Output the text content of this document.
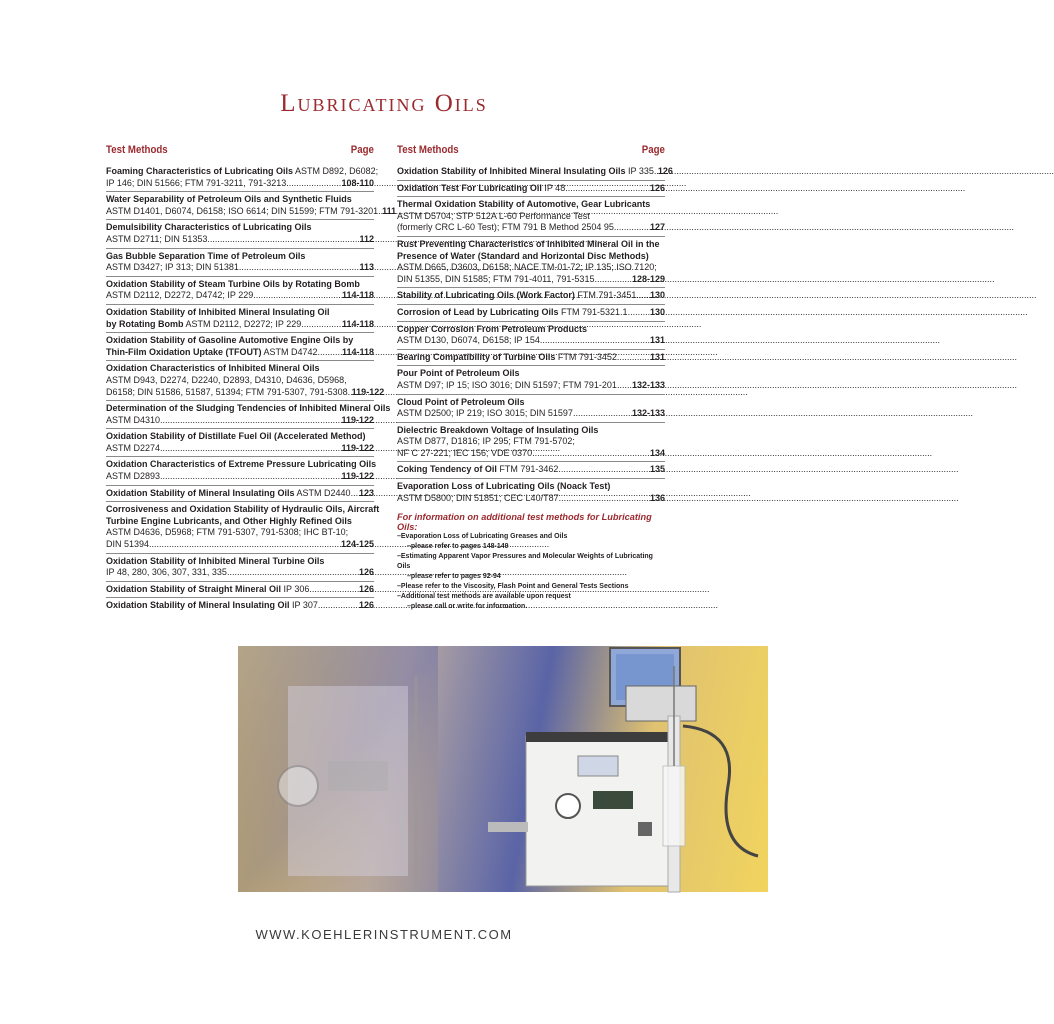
Lubricating Oils
Test Methods	Page
Foaming Characteristics of Lubricating Oils ASTM D892, D6082;
IP 146; DIN 51566; FTM 791-3211, 791-3213 .....	108-110
Water Separability of Petroleum Oils and Synthetic Fluids
ASTM D1401, D6074, D6158; ISO 6614; DIN 51599; FTM 791-3201 ..... 111
Demulsibility Characteristics of Lubricating Oils
ASTM D2711; DIN 51353 .....	112
Gas Bubble Separation Time of Petroleum Oils
ASTM D3427; IP 313; DIN 51381 .....	113
Oxidation Stability of Steam Turbine Oils by Rotating Bomb
ASTM D2112, D2272, D4742; IP 229 .....	114-118
Oxidation Stability of Inhibited Mineral Insulating Oil
by Rotating Bomb ASTM D2112, D2272; IP 229 .....	114-118
Oxidation Stability of Gasoline Automotive Engine Oils by
Thin-Film Oxidation Uptake (TFOUT) ASTM D4742 .....	114-118
Oxidation Characteristics of Inhibited Mineral Oils
ASTM D943, D2274, D2240, D2893, D4310, D4636, D5968,
D6158; DIN 51586, 51587, 51394; FTM 791-5307, 791-5308 ..... 119-122
Determination of the Sludging Tendencies of Inhibited Mineral Oils
ASTM D4310 .....	119-122
Oxidation Stability of Distillate Fuel Oil (Accelerated Method)
ASTM D2274 .....	119-122
Oxidation Characteristics of Extreme Pressure Lubricating Oils
ASTM D2893 .....	119-122
Oxidation Stability of Mineral Insulating Oils ASTM D2440 ..... 123
Corrosiveness and Oxidation Stability of Hydraulic Oils, Aircraft
Turbine Engine Lubricants, and Other Highly Refined Oils
ASTM D4636, D5968; FTM 791-5307, 791-5308; IHC BT-10;
DIN 51394 .....	124-125
Oxidation Stability of Inhibited Mineral Turbine Oils
IP 48, 280, 306, 307, 331, 335 .....	126
Oxidation Stability of Straight Mineral Oil IP 306 .....	126
Oxidation Stability of Mineral Insulating Oil IP 307 .....	126
Test Methods	Page
Oxidation Stability of Inhibited Mineral Insulating Oils IP 335 ..... 126
Oxidation Test For Lubricating Oil IP 48 .....	126
Thermal Oxidation Stability of Automotive, Gear Lubricants
ASTM D5704; STP 512A L-60 Performance Test
(formerly CRC L-60 Test); FTM 791 B Method 2504 95 .....	127
Rust Preventing Characteristics of Inhibited Mineral Oil in the
Presence of Water (Standard and Horizontal Disc Methods)
ASTM D665, D3603, D6158; NACE TM-01-72; IP 135; ISO 7120;
DIN 51355, DIN 51585; FTM 791-4011, 791-5315 .....	128-129
Stability of Lubricating Oils (Work Factor) FTM 791-3451 ..... 130
Corrosion of Lead by Lubricating Oils FTM 791-5321.1 ..... 130
Copper Corrosion From Petroleum Products
ASTM D130, D6074, D6158; IP 154 .....	131
Bearing Compatibility of Turbine Oils FTM 791-3452 .....	131
Pour Point of Petroleum Oils
ASTM D97; IP 15; ISO 3016; DIN 51597; FTM 791-201 ..... 132-133
Cloud Point of Petroleum Oils
ASTM D2500; IP 219; ISO 3015; DIN 51597 .....	132-133
Dielectric Breakdown Voltage of Insulating Oils
ASTM D877, D1816; IP 295; FTM 791-5702;
NF C 27-221; IEC 156; VDE 0370 .....	134
Coking Tendency of Oil FTM 791-3462 .....	135
Evaporation Loss of Lubricating Oils (Noack Test)
ASTM D5800; DIN 51851; CEC L40/T87 .....	136
For information on additional test methods for Lubricating Oils:
–Evaporation Loss of Lubricating Greases and Oils
–please refer to pages 148-149
–Estimating Apparent Vapor Pressures and Molecular Weights of Lubricating Oils
–please refer to pages 92-94
–Please refer to the Viscosity, Flash Point and General Tests Sections
–Additional test methods are available upon request
–please call or write for information.
WWW.KOEHLERINSTRUMENT.COM
